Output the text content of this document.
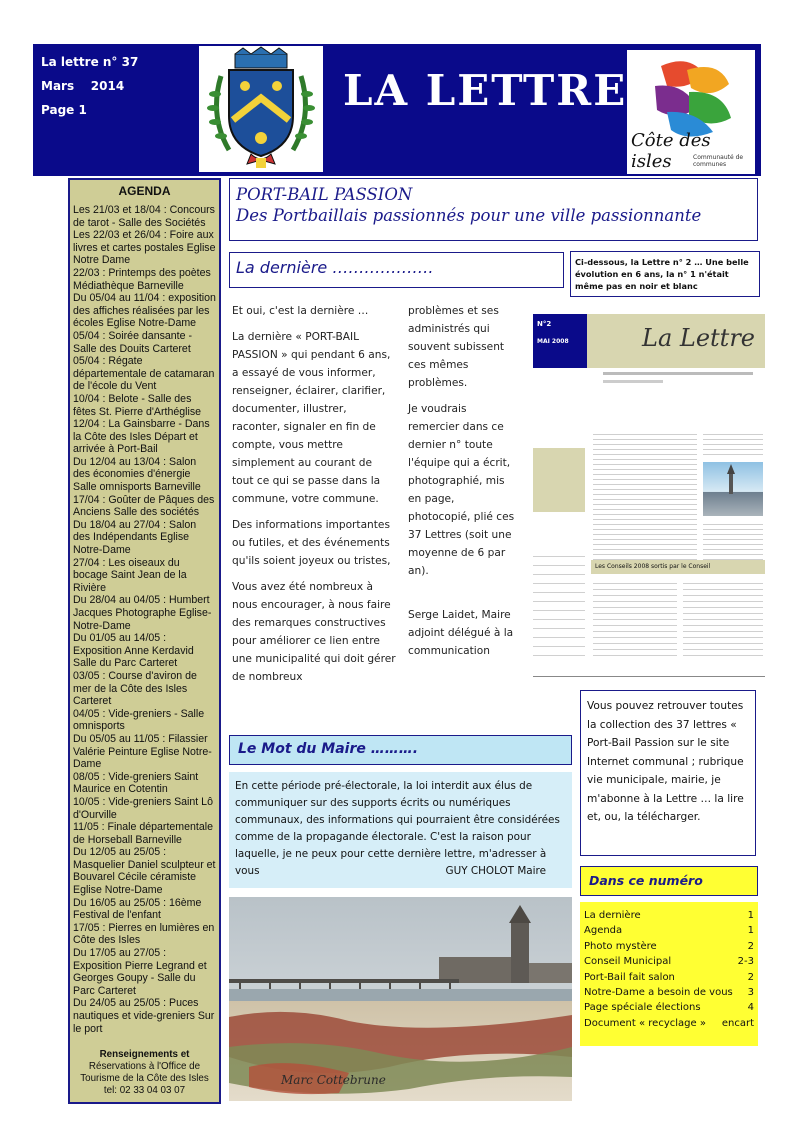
La lettre n° 37
Mars    2014
Page 1	LA LETTRE
Côte des isles	Communauté de communes
AGENDA
Les 21/03 et 18/04 : Concours de tarot - Salle des Sociétés
Les 22/03 et 26/04 : Foire aux livres et cartes postales Eglise Notre Dame
22/03 : Printemps des poètes Médiathèque Barneville
Du 05/04 au 11/04 : exposition des affiches réalisées par les écoles Eglise Notre-Dame
05/04 : Soirée dansante - Salle des Douits Carteret
05/04 : Régate départementale de catamaran de l'école du Vent
10/04 : Belote - Salle des fêtes St. Pierre d'Arthéglise
12/04 : La Gainsbarre - Dans la Côte des Isles Départ et arrivée à Port-Bail
Du 12/04 au 13/04 : Salon des économies d'énergie Salle omnisports Barneville
17/04 : Goûter de Pâques des Anciens Salle des sociétés
Du 18/04 au 27/04 : Salon des Indépendants Eglise Notre-Dame
27/04 : Les oiseaux du bocage Saint Jean de la Rivière
Du 28/04 au 04/05 : Humbert Jacques Photographe Eglise-Notre-Dame
Du 01/05 au 14/05 : Exposition Anne Kerdavid Salle du Parc Carteret
03/05 : Course d'aviron de mer de la Côte des Isles Carteret
04/05 : Vide-greniers - Salle omnisports
Du 05/05 au 11/05 : Filassier Valérie Peinture Eglise Notre-Dame
08/05 : Vide-greniers Saint Maurice en Cotentin
10/05 : Vide-greniers Saint Lô d'Ourville
11/05 : Finale départementale de Horseball Barneville
Du 12/05 au 25/05 : Masquelier Daniel sculpteur et Bouvarel Cécile céramiste Eglise Notre-Dame
Du 16/05 au 25/05 : 16ème Festival de l'enfant
17/05 : Pierres en lumières en Côte des Isles
Du 17/05 au 27/05 : Exposition Pierre Legrand et Georges Goupy - Salle du Parc Carteret
Du 24/05 au 25/05 : Puces nautiques et vide-greniers Sur le port
Renseignements et
Réservations à l'Office de
Tourisme de la Côte des Isles
tel: 02 33 04 03 07
PORT-BAIL PASSION
Des Portbaillais passionnés pour une ville passionnante
La dernière ……………….	Ci-dessous, la Lettre n° 2 … Une belle évolution en 6 ans, la n° 1 n'était même pas en noir et blanc

Et oui, c'est la dernière …

La dernière « PORT-BAIL PASSION » qui pendant 6 ans, a essayé de vous informer, renseigner, éclairer, clarifier, documenter, illustrer, raconter, signaler en fin de compte, vous mettre simplement au courant de tout ce qui se passe dans la commune, votre commune.

Des informations importantes ou futiles, et des événements qu'ils soient joyeux ou tristes,

Vous avez été nombreux à nous encourager, à nous faire des remarques constructives pour améliorer ce lien entre une municipalité qui doit gérer de nombreux

problèmes et ses administrés qui souvent subissent ces mêmes problèmes.

Je voudrais remercier dans ce dernier n° toute l'équipe qui a écrit, photographié, mis en page, photocopié, plié ces 37 Lettres (soit une moyenne de 6 par an).

Serge Laidet, Maire adjoint délégué à la communication

N°2
MAI 2008	La Lettre
Les Conseils 2008 sortis par le Conseil
Vous pouvez retrouver toutes la collection des 37 lettres « Port-Bail Passion sur le site Internet communal ; rubrique vie municipale, mairie, je m'abonne à la Lettre … la lire et, ou, la télécharger.
Le Mot du Maire ……….
En cette période pré-électorale, la loi interdit aux élus de communiquer sur des supports écrits ou numériques communaux, des informations qui pourraient être considérées comme de la propagande électorale. C'est la raison pour laquelle, je ne peux pour cette dernière lettre, m'adresser à vous	GUY CHOLOT Maire
Marc Cottebrune
Dans ce numéro
La dernière	1
Agenda	1
Photo mystère	2
Conseil Municipal	2-3
Port-Bail fait salon	2
Notre-Dame a besoin de vous 3
Page spéciale élections	4
Document « recyclage » encart
